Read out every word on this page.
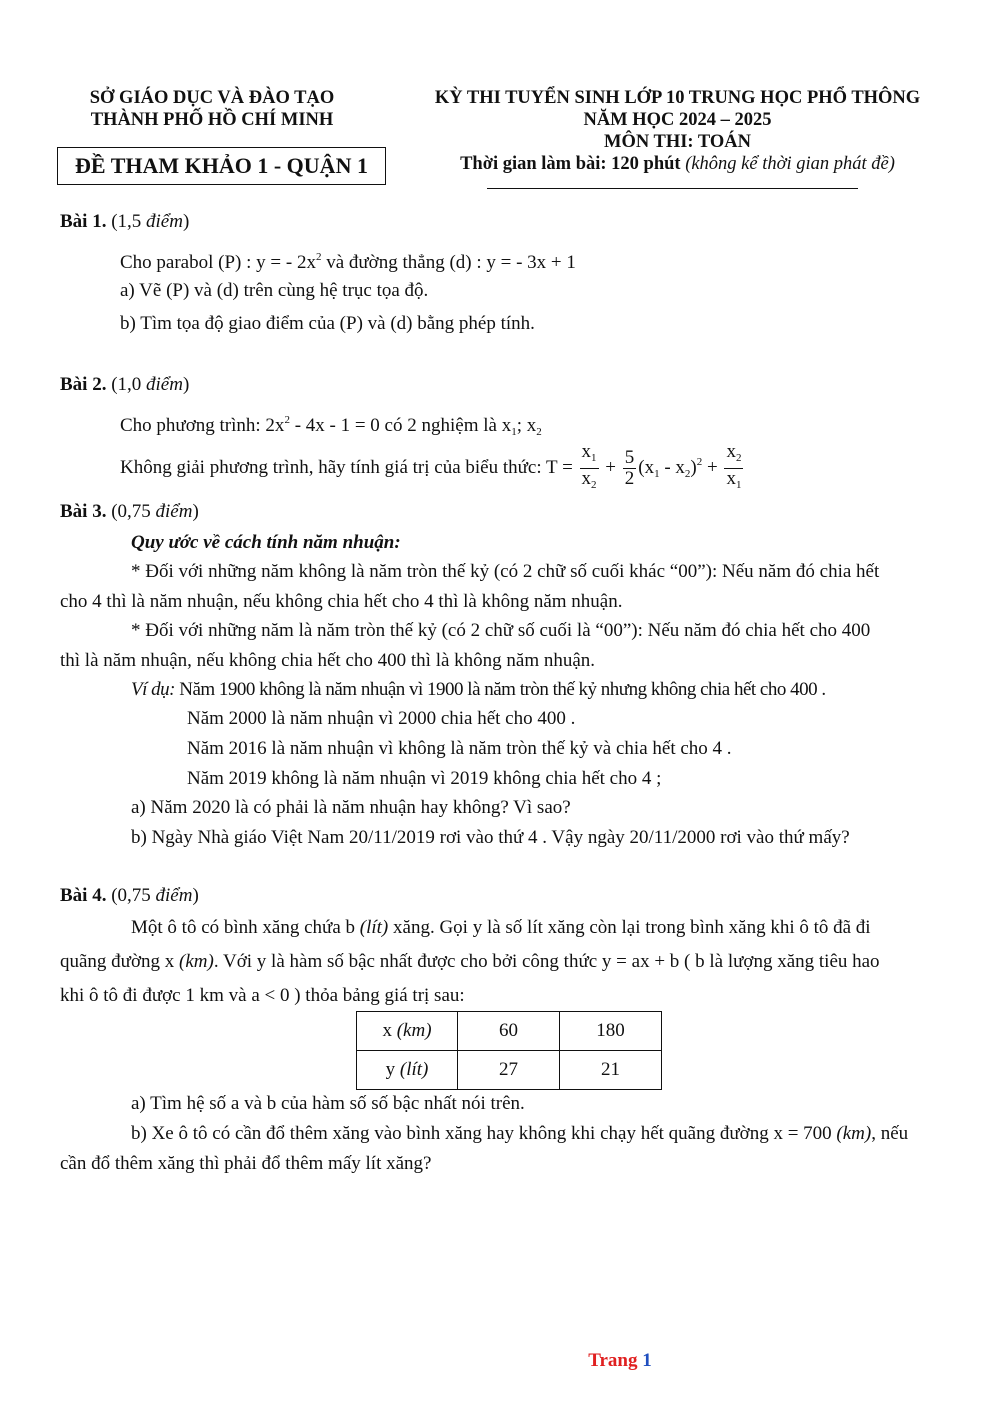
SỞ GIÁO DỤC VÀ ĐÀO TẠO
THÀNH PHỐ HỒ CHÍ MINH
ĐỀ THAM KHẢO 1 - QUẬN 1
KỲ THI TUYỂN SINH LỚP 10 TRUNG HỌC PHỔ THÔNG
NĂM HỌC 2024 – 2025
MÔN THI: TOÁN
Thời gian làm bài: 120 phút (không kể thời gian phát đề)
Bài 1. (1,5 điểm)
Cho parabol (P) : y = - $2x^2$ và đường thẳng (d) : y = - 3x + 1
a) Vẽ (P) và (d) trên cùng hệ trục tọa độ.
b) Tìm tọa độ giao điểm của (P) và (d) bằng phép tính.
Bài 2. (1,0 điểm)
Cho phương trình: $2x^2 - 4x - 1 = 0$ có 2 nghiệm là $x_1$; $x_2$
Không giải phương trình, hãy tính giá trị của biểu thức: $T = \frac{x_1}{x_2} + \frac{5}{2} (x_1 - x_2)^2 + \frac{x_2}{x_1}$
Bài 3. (0,75 điểm)
Quy ước về cách tính năm nhuận:
* Đối với những năm không là năm tròn thế kỷ (có 2 chữ số cuối khác “00”): Nếu năm đó chia hết
cho 4 thì là năm nhuận, nếu không chia hết cho 4 thì là không năm nhuận.
* Đối với những năm là năm tròn thế kỷ (có 2 chữ số cuối là “00”): Nếu năm đó chia hết cho 400
thì là năm nhuận, nếu không chia hết cho 400 thì là không năm nhuận.
Ví dụ: Năm 1900 không là năm nhuận vì 1900 là năm tròn thế kỷ nhưng không chia hết cho 400 .
Năm 2000 là năm nhuận vì 2000 chia hết cho 400 .
Năm 2016 là năm nhuận vì không là năm tròn thế kỷ và chia hết cho 4 .
Năm 2019 không là năm nhuận vì 2019 không chia hết cho 4 ;
a) Năm 2020 là có phải là năm nhuận hay không? Vì sao?
b) Ngày Nhà giáo Việt Nam 20/11/2019 rơi vào thứ 4 . Vậy ngày 20/11/2000 rơi vào thứ mấy?
Bài 4. (0,75 điểm)
Một ô tô có bình xăng chứa b (lít) xăng. Gọi y là số lít xăng còn lại trong bình xăng khi ô tô đã đi
quãng đường x (km). Với y là hàm số bậc nhất được cho bởi công thức y = ax + b ( b là lượng xăng tiêu hao
khi ô tô đi được 1 km và a < 0 ) thỏa bảng giá trị sau:
x (km)	60	180
y (lít)	27	21
a) Tìm hệ số a và b của hàm số số bậc nhất nói trên.
b) Xe ô tô có cần đổ thêm xăng vào bình xăng hay không khi chạy hết quãng đường x = 700 (km), nếu
cần đổ thêm xăng thì phải đổ thêm mấy lít xăng?
Trang 1
